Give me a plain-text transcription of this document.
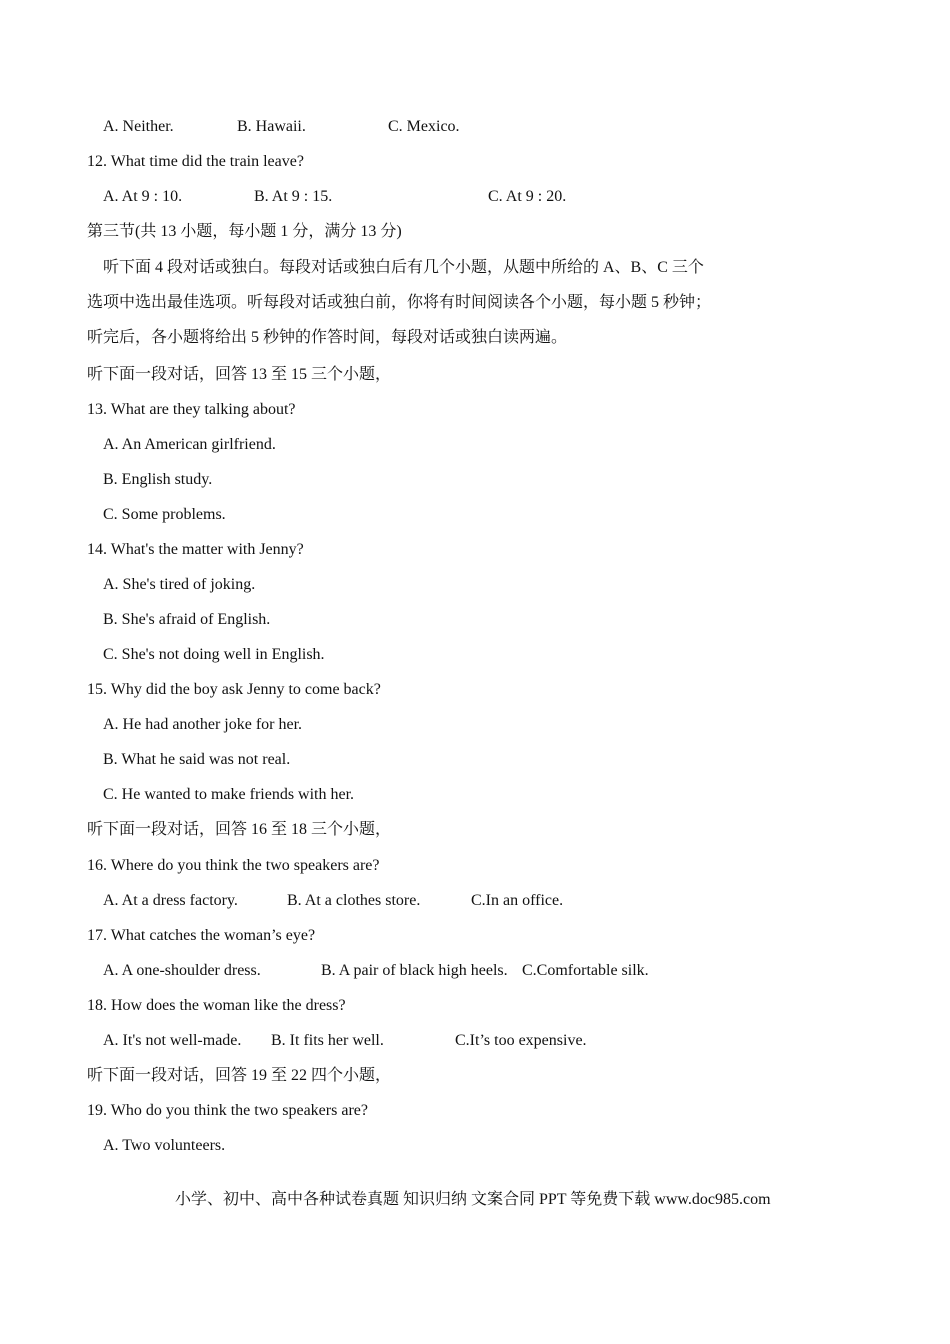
A. Neither.	B. Hawaii.	C. Mexico.
12. What time did the train leave?
A. At 9 : 10.	B. At 9 : 15.	C. At 9 : 20.
第三节(共 13 小题，每小题 1 分，满分 13 分)
听下面 4 段对话或独白。每段对话或独白后有几个小题，从题中所给的 A、B、C 三个
选项中选出最佳选项。听每段对话或独白前，你将有时间阅读各个小题，每小题 5 秒钟；
听完后，各小题将给出 5 秒钟的作答时间，每段对话或独白读两遍。
听下面一段对话，回答 13 至 15 三个小题，
13. What are they talking about?
A. An American girlfriend.
B. English study.
C. Some problems.
14. What's the matter with Jenny?
A. She's tired of joking.
B. She's afraid of English.
C. She's not doing well in English.
15. Why did the boy ask Jenny to come back?
A. He had another joke for her.
B. What he said was not real.
C. He wanted to make friends with her.
听下面一段对话，回答 16 至 18 三个小题，
16. Where do you think the two speakers are?
A. At a dress factory.	B. At a clothes store.	C.In an office.
17. What catches the woman’s eye?
A. A one-shoulder dress.	B. A pair of black high heels. C.Comfortable silk.
18. How does the woman like the dress?
A. It's not well-made. B. It fits her well.	C.It’s too expensive.
听下面一段对话，回答 19 至 22 四个小题，
19. Who do you think the two speakers are?
A. Two volunteers.
小学、初中、高中各种试卷真题 知识归纳 文案合同 PPT 等免费下载 www.doc985.com
